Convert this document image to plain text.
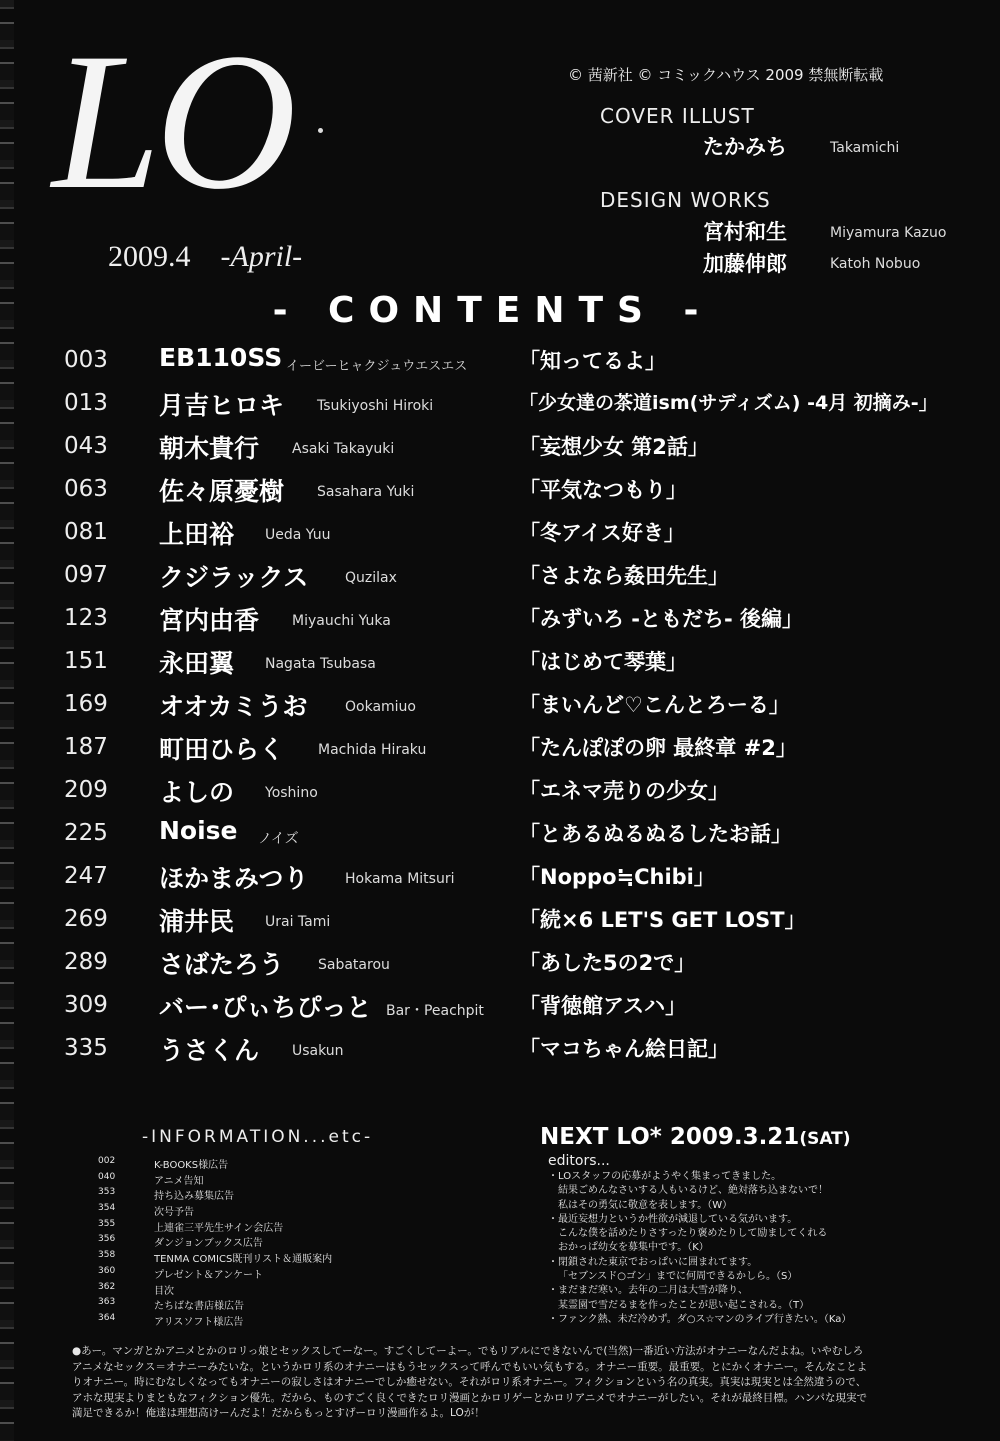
LO
2009.4 -April-
© 茜新社 © コミックハウス 2009 禁無断転載
COVER ILLUST
たかみち	Takamichi
DESIGN WORKS
宮村和生	Miyamura Kazuo
加藤伸郎	Katoh Nobuo
- CONTENTS -
003 EB110SS イービーヒャクジュウエスエス 「知ってるよ」
013 月吉ヒロキ Tsukiyoshi Hiroki	「少女達の茶道ism(サディズム) -4月 初摘み-」
043 朝木貴行 Asaki Takayuki	「妄想少女 第2話」
063 佐々原憂樹 Sasahara Yuki	「平気なつもり」
081 上田裕 Ueda Yuu	「冬アイス好き」
097 クジラックス	Quzilax	「さよなら姦田先生」
123 宮内由香 Miyauchi Yuka	「みずいろ -ともだち- 後編」
151 永田翼 Nagata Tsubasa	「はじめて琴葉」
169 オオカミうお	Ookamiuo	「まいんど♡こんとろーる」
187 町田ひらく Machida Hiraku	「たんぽぽの卵 最終章 #2」
209 よしの Yoshino	「エネマ売りの少女」
225 Noise ノイズ	「とあるぬるぬるしたお話」
247 ほかまみつり	Hokama Mitsuri	「Noppo≒Chibi」
269 浦井民 Urai Tami	「続×6 LET'S GET LOST」
289 さばたろう Sabatarou	「あした5の2で」
309 バー･ぴぃちぴっと Bar・Peachpit 「背徳館アスハ」
335 うさくん Usakun	「マコちゃん絵日記」
-INFORMATION...etc-
002	K-BOOKS様広告
040	アニメ告知
353	持ち込み募集広告
354	次号予告
355	上連雀三平先生サイン会広告
356	ダンジョンブックス広告
358	TENMA COMICS既刊リスト＆通販案内
360	プレゼント＆アンケート
362	目次
363	たちばな書店様広告
364	アリスソフト様広告
NEXT LO* 2009.3.21(SAT)
editors...
・LOスタッフの応募がようやく集まってきました。
結果ごめんなさいする人もいるけど、絶対落ち込まないで！
私はその勇気に敬意を表します。（W）
・最近妄想力というか性欲が減退している気がいます。
こんな僕を話めたりさすったり褒めたりして励ましてくれる
おかっぱ幼女を募集中です。（K）
・閉鎖された東京でおっぱいに囲まれてます。
「セブンスド○ゴン」までに何周できるかしら。（S）
・まだまだ寒い。去年の二月は大雪が降り、
某霊園で雪だるまを作ったことが思い起こされる。（T）
・ファンク熱、未だ冷めず。ダ○ス☆マンのライブ行きたい。（Ka）
●あー。マンガとかアニメとかのロリっ娘とセックスしてーなー。すごくしてーよー。でもリアルにできないんで(当然)一番近い方法がオナニーなんだよね。いやむしろ
アニメなセックス＝オナニーみたいな。というかロリ系のオナニーはもうセックスって呼んでもいい気もする。オナニー重要。最重要。とにかくオナニー。そんなことよ
りオナニー。時にむなしくなってもオナニーの寂しさはオナニーでしか癒せない。それがロリ系オナニー。フィクションという名の真実。真実は現実とは全然違うので、
アホな現実よりまともなフィクション優先。だから、ものすごく良くできたロリ漫画とかロリゲーとかロリアニメでオナニーがしたい。それが最終目標。ハンパな現実で
満足できるか！俺達は理想高けーんだよ！だからもっとすげーロリ漫画作るよ。LOが！
